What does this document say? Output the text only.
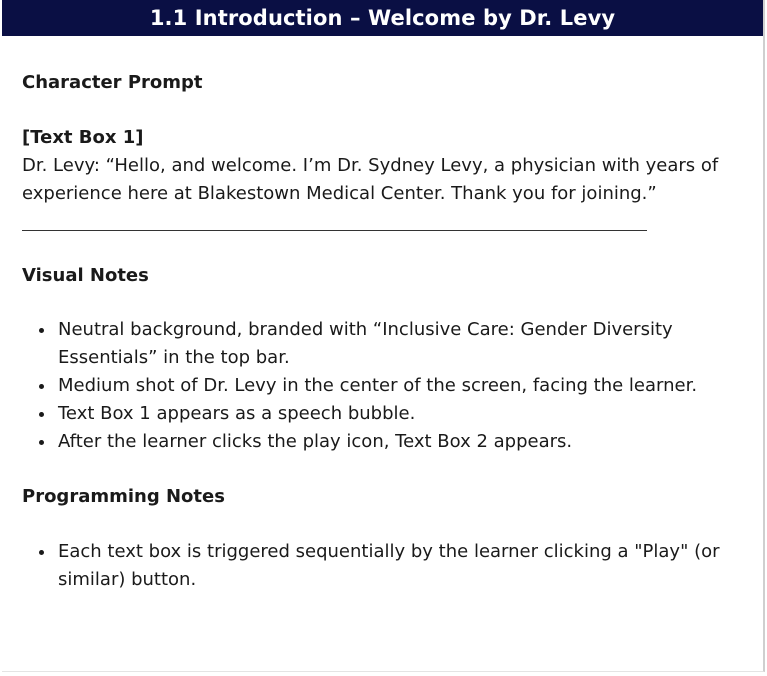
1.1 Introduction – Welcome by Dr. Levy
Character Prompt
[Text Box 1]

Dr. Levy: “Hello, and welcome. I’m Dr. Sydney Levy, a physician with years of experience here at Blakestown Medical Center. Thank you for joining.”

Visual Notes
• Neutral background, branded with “Inclusive Care: Gender Diversity Essentials” in the top bar.
• Medium shot of Dr. Levy in the center of the screen, facing the learner.
• Text Box 1 appears as a speech bubble.
• After the learner clicks the play icon, Text Box 2 appears.
Programming Notes
• Each text box is triggered sequentially by the learner clicking a "Play" (or similar) button.
